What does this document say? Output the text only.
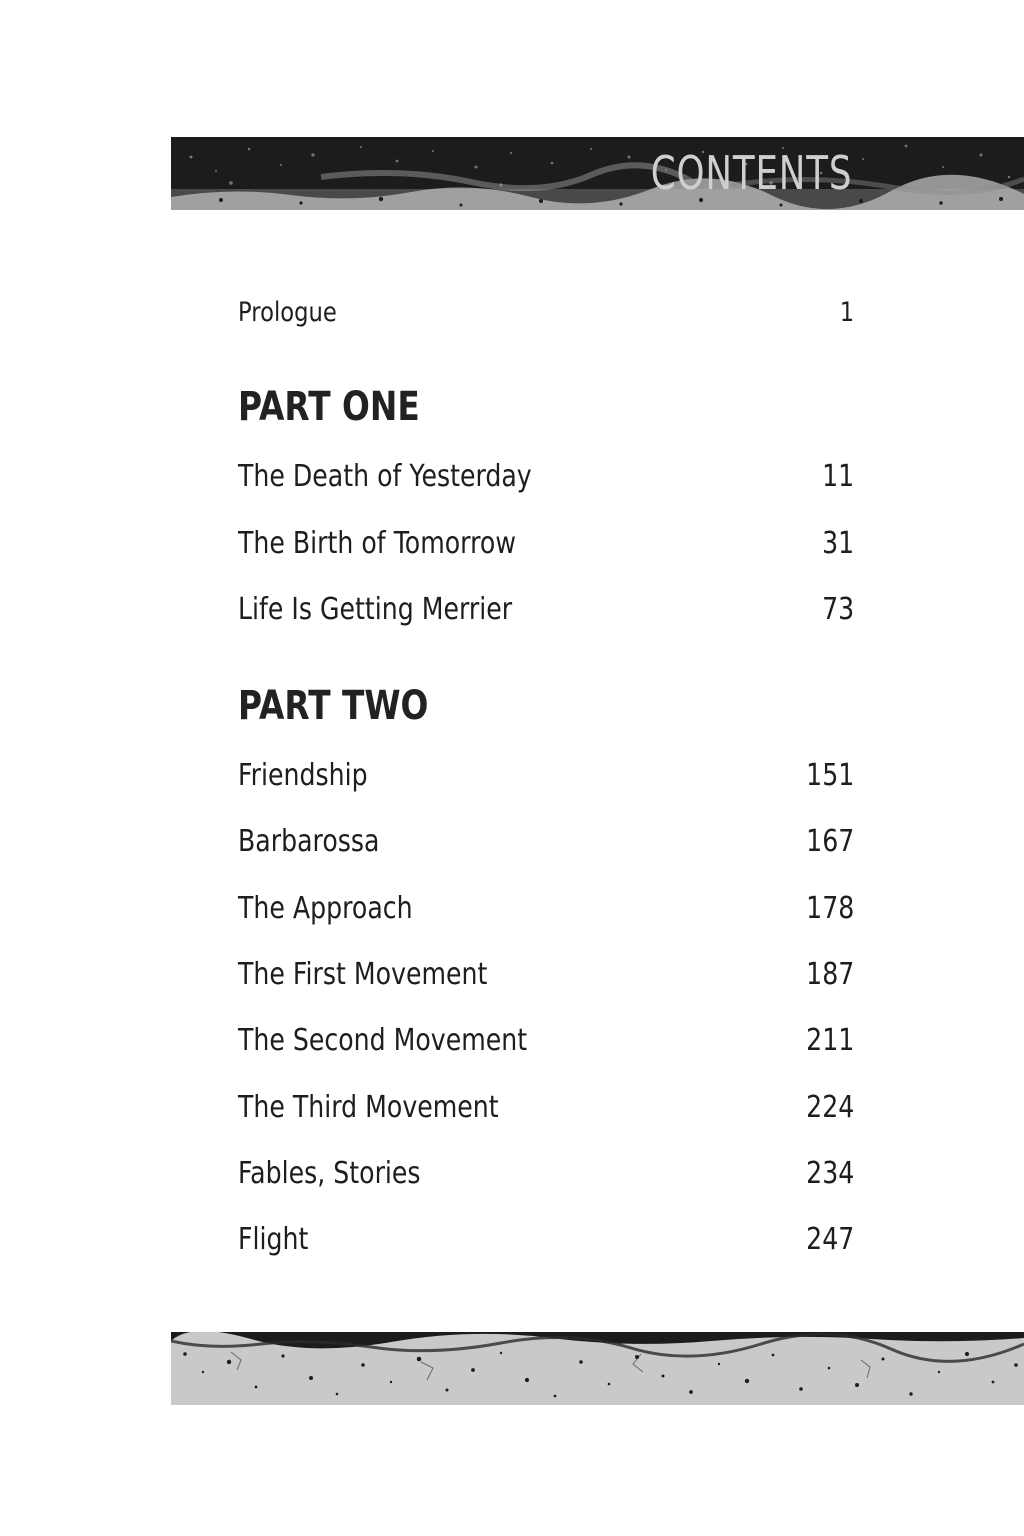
CONTENTS
Prologue	1
PART ONE
The Death of Yesterday	11
The Birth of Tomorrow	31
Life Is Getting Merrier	73
PART TWO
Friendship	151
Barbarossa	167
The Approach	178
The First Movement	187
The Second Movement	211
The Third Movement	224
Fables, Stories	234
Flight	247
